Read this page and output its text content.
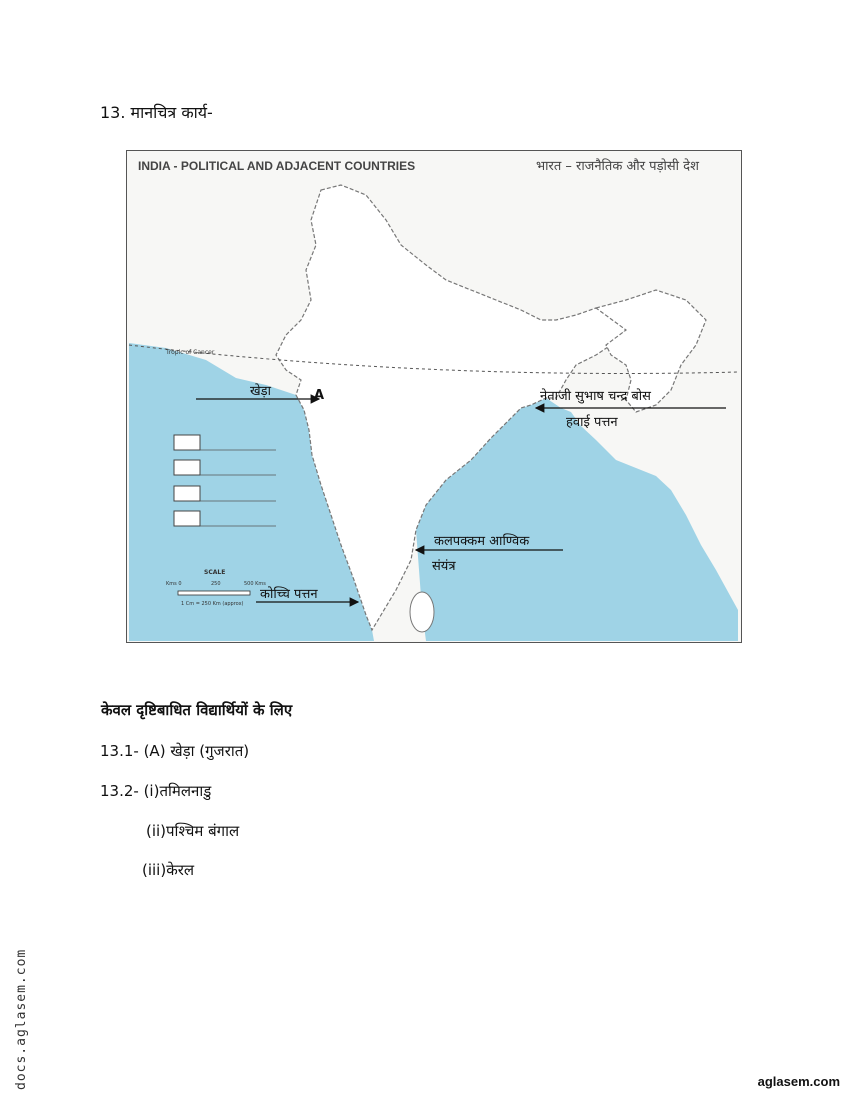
13. मानचित्र कार्य-
Tropic of Cancer
INDIA - POLITICAL AND ADJACENT COUNTRIES	भारत – राजनैतिक और पड़ोसी देश
SCALE
Kms 0	250	500 Kms
1 Cm = 250 Km (approx)
खेड़ा	A	नेताजी सुभाष चन्द्र बोस
हवाई पत्तन
कलपक्कम आण्विक
संयंत्र
कोच्चि पत्तन
केवल दृष्टिबाधित विद्यार्थियों के लिए
13.1- (A) खेड़ा (गुजरात)
13.2- (i)तमिलनाडु
(ii)पश्चिम बंगाल
(iii)केरल
docs.aglasem.com	aglasem.com
